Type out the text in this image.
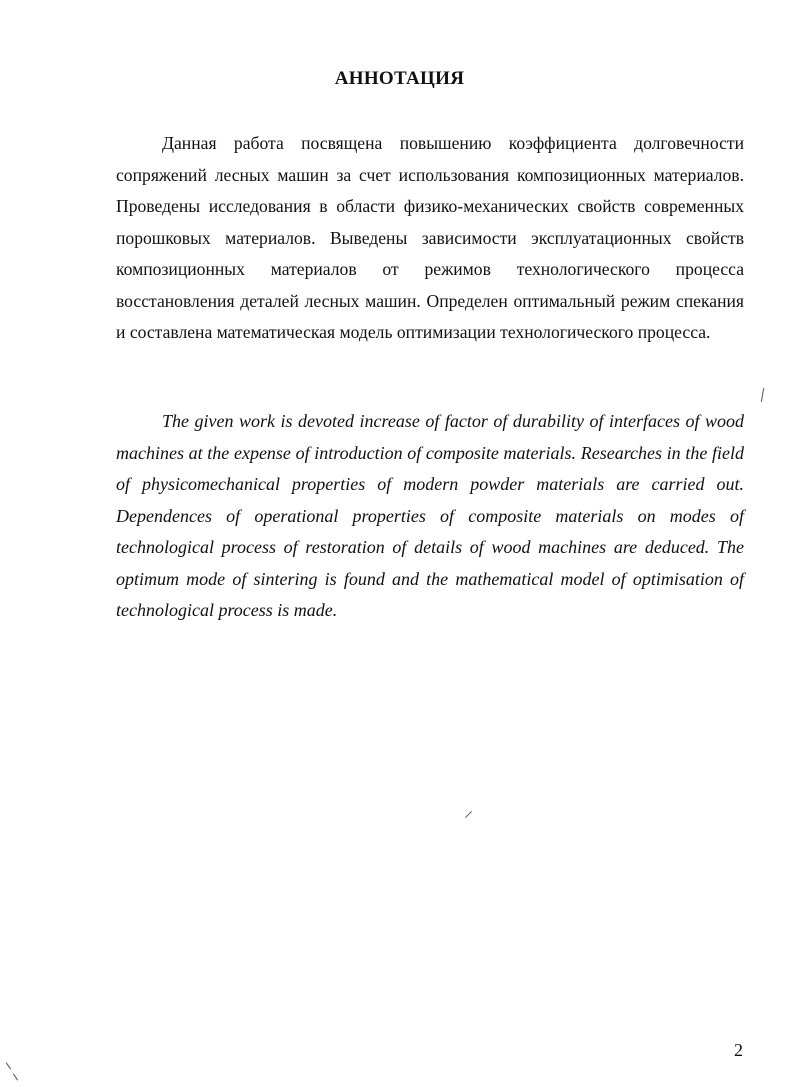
АННОТАЦИЯ

Данная работа посвящена повышению коэффициента долговечности сопряжений лесных машин за счет использования композиционных материалов. Проведены исследования в области физико-механических свойств современных порошковых материалов. Выведены зависимости эксплуатационных свойств композиционных материалов от режимов технологического процесса восстановления деталей лесных машин. Определен оптимальный режим спекания и составлена математическая модель оптимизации технологического процесса.

The given work is devoted increase of factor of durability of interfaces of wood machines at the expense of introduction of composite materials. Researches in the field of physicomechanical properties of modern powder materials are carried out. Dependences of operational properties of composite materials on modes of technological process of restoration of details of wood machines are deduced. The optimum mode of sintering is found and the mathematical model of optimisation of technological process is made.

2
